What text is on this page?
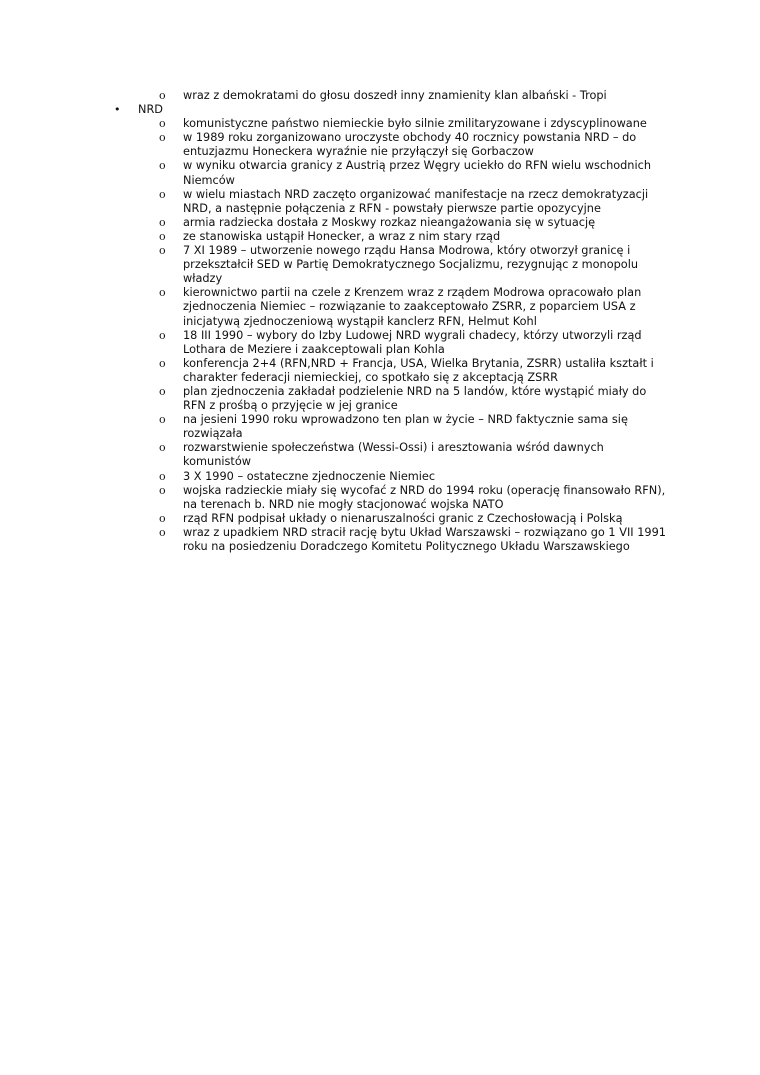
o wraz z demokratami do głosu doszedł inny znamienity klan albański - Tropi
• NRD
o komunistyczne państwo niemieckie było silnie zmilitaryzowane i zdyscyplinowane
o w 1989 roku zorganizowano uroczyste obchody 40 rocznicy powstania NRD – do entuzjazmu Honeckera wyraźnie nie przyłączył się Gorbaczow
o w wyniku otwarcia granicy z Austrią przez Węgry uciekło do RFN wielu wschodnich Niemców
o w wielu miastach NRD zaczęto organizować manifestacje na rzecz demokratyzacji NRD, a następnie połączenia z RFN - powstały pierwsze partie opozycyjne
o armia radziecka dostała z Moskwy rozkaz nieangażowania się w sytuację
o ze stanowiska ustąpił Honecker, a wraz z nim stary rząd
o 7 XI 1989 – utworzenie nowego rządu Hansa Modrowa, który otworzył granicę i przekształcił SED w Partię Demokratycznego Socjalizmu, rezygnując z monopolu władzy
o kierownictwo partii na czele z Krenzem wraz z rządem Modrowa opracowało plan zjednoczenia Niemiec – rozwiązanie to zaakceptowało ZSRR, z poparciem USA z inicjatywą zjednoczeniową wystąpił kanclerz RFN, Helmut Kohl
o 18 III 1990 – wybory do Izby Ludowej NRD wygrali chadecy, którzy utworzyli rząd Lothara de Meziere i zaakceptowali plan Kohla
o konferencja 2+4 (RFN,NRD + Francja, USA, Wielka Brytania, ZSRR) ustaliła kształt i charakter federacji niemieckiej, co spotkało się z akceptacją ZSRR
o plan zjednoczenia zakładał podzielenie NRD na 5 landów, które wystąpić miały do RFN z prośbą o przyjęcie w jej granice
o na jesieni 1990 roku wprowadzono ten plan w życie – NRD faktycznie sama się rozwiązała
o rozwarstwienie społeczeństwa (Wessi-Ossi) i aresztowania wśród dawnych komunistów
o 3 X 1990 – ostateczne zjednoczenie Niemiec
o wojska radzieckie miały się wycofać z NRD do 1994 roku (operację finansowało RFN), na terenach b. NRD nie mogły stacjonować wojska NATO
o rząd RFN podpisał układy o nienaruszalności granic z Czechosłowacją i Polską
o wraz z upadkiem NRD stracił rację bytu Układ Warszawski – rozwiązano go 1 VII 1991 roku na posiedzeniu Doradczego Komitetu Politycznego Układu Warszawskiego
